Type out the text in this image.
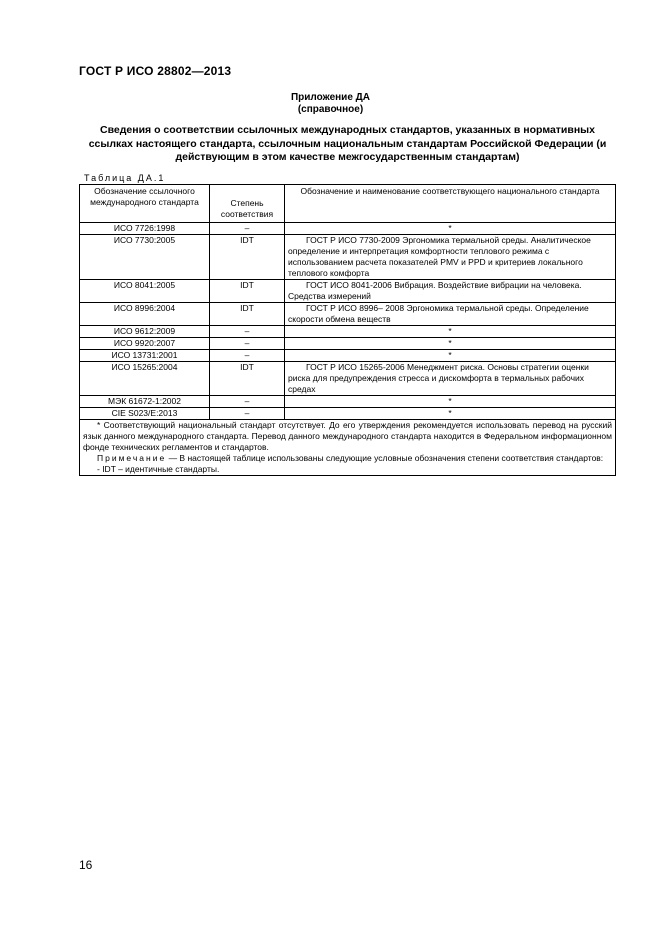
ГОСТ Р ИСО 28802—2013
Приложение ДА
(справочное)
Сведения о соответствии ссылочных международных стандартов, указанных в нормативных ссылках настоящего стандарта, ссылочным национальным стандартам Российской Федерации (и действующим в этом качестве межгосударственным стандартам)
Таблица ДА.1
Обозначение ссылочного международного стандарта	Степень соответствия	Обозначение и наименование соответствующего национального стандарта
ИСО 7726:1998	–	*
ИСО 7730:2005	IDT	ГОСТ Р ИСО 7730-2009 Эргономика термальной среды. Аналитическое определение и интерпретация комфортности теплового режима с использованием расчета показателей PMV и PPD и критериев локального теплового комфорта
ИСО 8041:2005	IDT	ГОСТ ИСО 8041-2006 Вибрация. Воздействие вибрации на человека. Средства измерений
ИСО 8996:2004	IDT	ГОСТ Р ИСО 8996– 2008 Эргономика термальной среды. Определение скорости обмена веществ
ИСО 9612:2009	–	*
ИСО 9920:2007	–	*
ИСО 13731:2001	–	*
ИСО 15265:2004	IDT	ГОСТ Р ИСО 15265-2006 Менеджмент риска. Основы стратегии оценки риска для предупреждения стресса и дискомфорта в термальных рабочих средах
МЭК 61672-1:2002	–	*
CIE S023/E:2013	–	*

* Соответствующий национальный стандарт отсутствует. До его утверждения рекомендуется использовать перевод на русский язык данного международного стандарта. Перевод данного международного стандарта находится в Федеральном информационном фонде технических регламентов и стандартов.
Примечание — В настоящей таблице использованы следующие условные обозначения степени соответствия стандартов:
- IDT – идентичные стандарты.		
16
